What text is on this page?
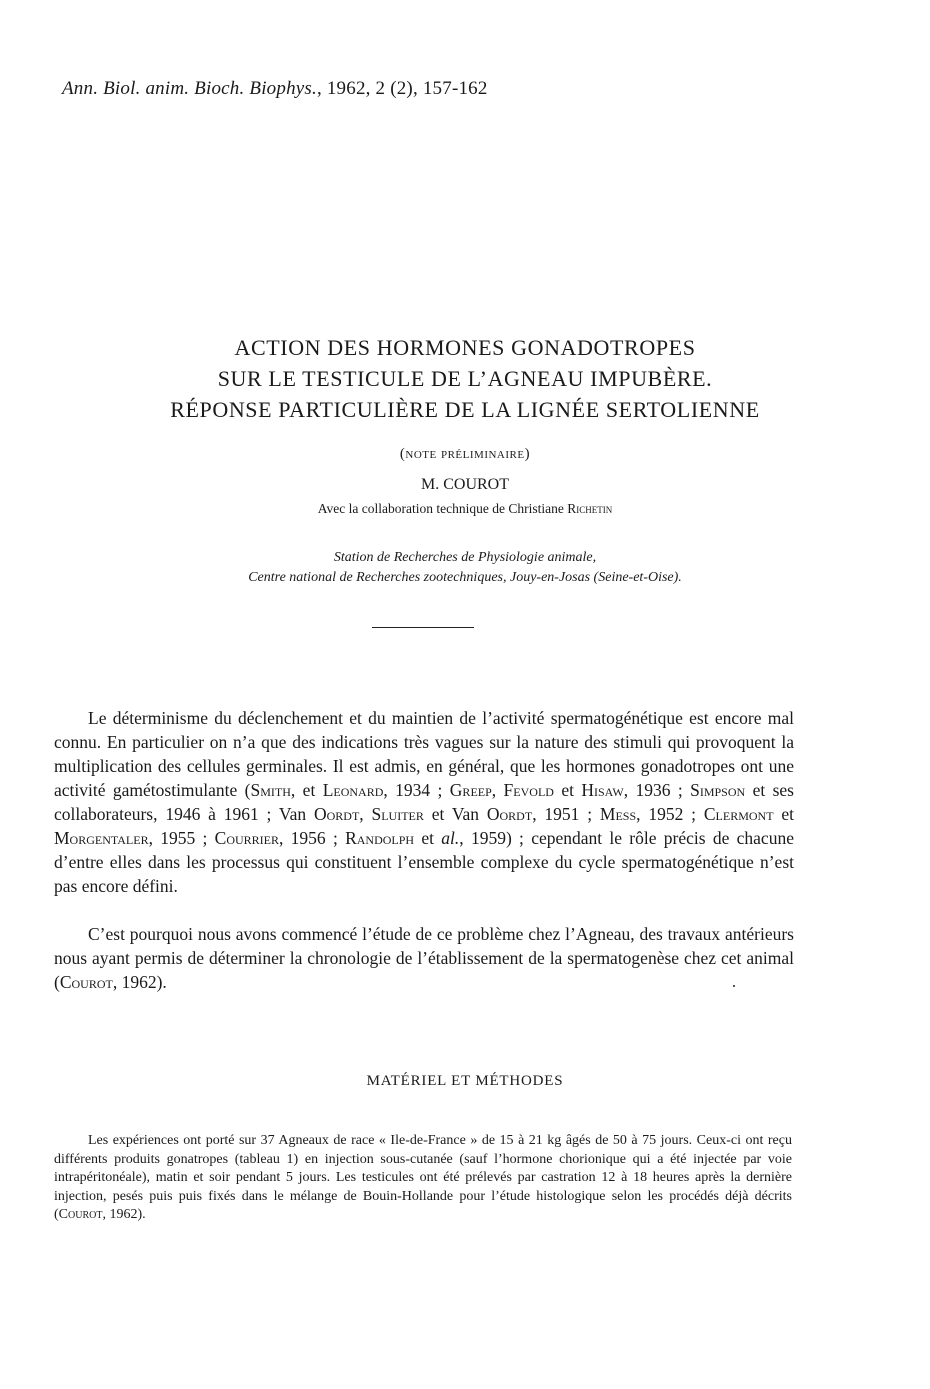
Ann. Biol. anim. Bioch. Biophys., 1962, 2 (2), 157-162
ACTION DES HORMONES GONADOTROPES
SUR LE TESTICULE DE L’AGNEAU IMPUBÈRE.
RÉPONSE PARTICULIÈRE DE LA LIGNÉE SERTOLIENNE
(note préliminaire)
M. COUROT
Avec la collaboration technique de Christiane Richetin
Station de Recherches de Physiologie animale,
Centre national de Recherches zootechniques, Jouy-en-Josas (Seine-et-Oise).

Le déterminisme du déclenchement et du maintien de l’activité spermatogénétique est encore mal connu. En particulier on n’a que des indications très vagues sur la nature des stimuli qui provoquent la multiplication des cellules germinales. Il est admis, en général, que les hormones gonadotropes ont une activité gamétostimulante (Smith, et Leonard, 1934 ; Greep, Fevold et Hisaw, 1936 ; Simpson et ses collaborateurs, 1946 à 1961 ; Van Oordt, Sluiter et Van Oordt, 1951 ; Mess, 1952 ; Clermont et Morgentaler, 1955 ; Courrier, 1956 ; Randolph et al., 1959) ; cependant le rôle précis de chacune d’entre elles dans les processus qui constituent l’ensemble complexe du cycle spermatogénétique n’est pas encore défini.

C’est pourquoi nous avons commencé l’étude de ce problème chez l’Agneau, des travaux antérieurs nous ayant permis de déterminer la chronologie de l’établissement de la spermatogenèse chez cet animal (Courot, 1962).

MATÉRIEL ET MÉTHODES

Les expériences ont porté sur 37 Agneaux de race « Ile-de-France » de 15 à 21 kg âgés de 50 à 75 jours. Ceux-ci ont reçu différents produits gonatropes (tableau 1) en injection sous-cutanée (sauf l’hormone chorionique qui a été injectée par voie intrapéritonéale), matin et soir pendant 5 jours. Les testicules ont été prélevés par castration 12 à 18 heures après la dernière injection, pesés puis puis fixés dans le mélange de Bouin-Hollande pour l’étude histologique selon les procédés déjà décrits (Courot, 1962).
